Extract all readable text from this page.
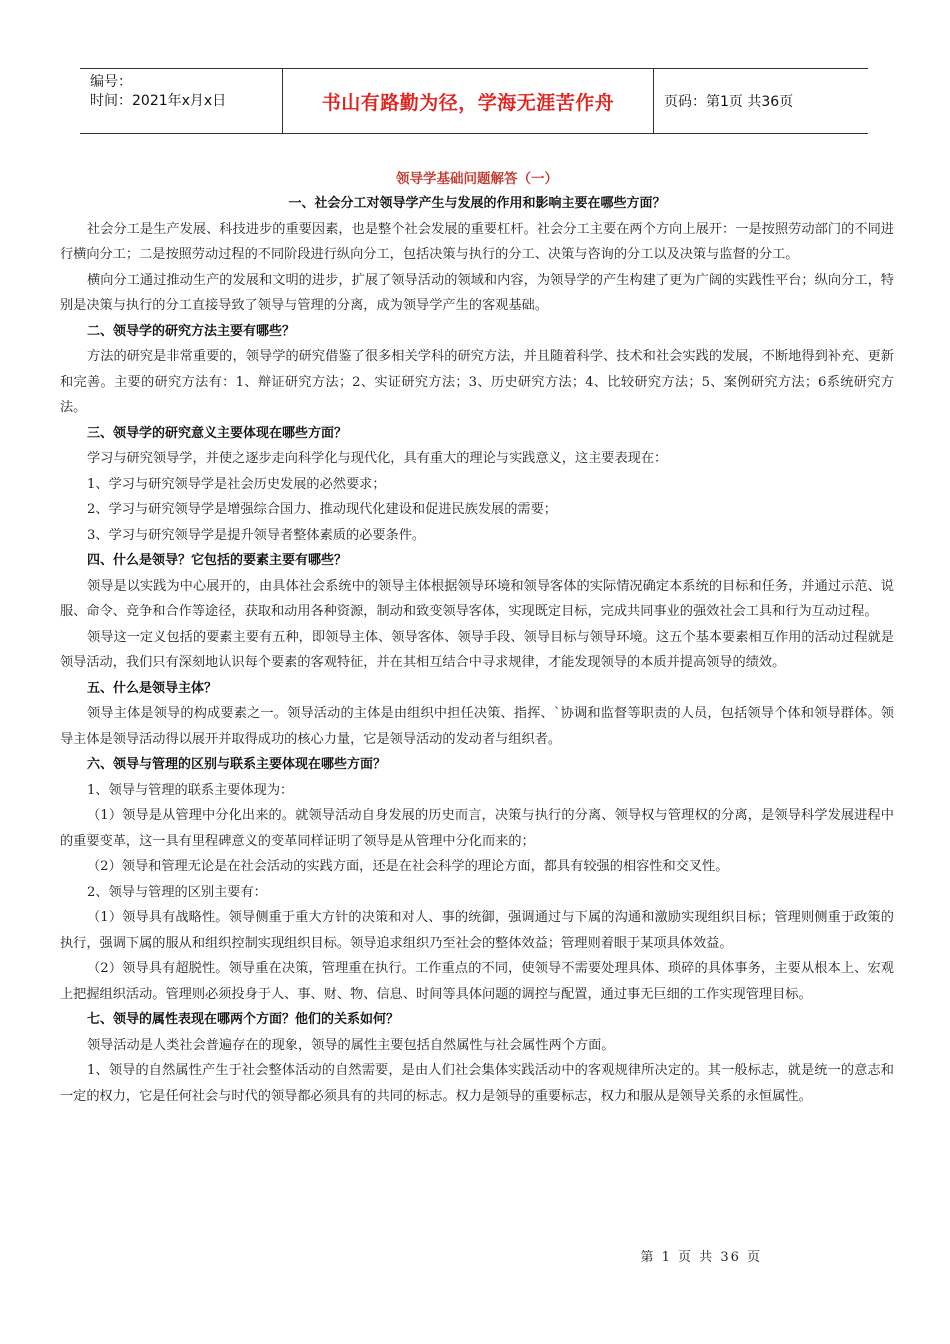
编号：
时间：2021年x月x日	书山有路勤为径，学海无涯苦作舟	页码：第1页 共36页
领导学基础问题解答（一）
一、社会分工对领导学产生与发展的作用和影响主要在哪些方面？

社会分工是生产发展、科技进步的重要因素，也是整个社会发展的重要杠杆。社会分工主要在两个方向上展开：一是按照劳动部门的不同进行横向分工；二是按照劳动过程的不同阶段进行纵向分工，包括决策与执行的分工、决策与咨询的分工以及决策与监督的分工。

横向分工通过推动生产的发展和文明的进步，扩展了领导活动的领域和内容，为领导学的产生构建了更为广阔的实践性平台；纵向分工，特别是决策与执行的分工直接导致了领导与管理的分离，成为领导学产生的客观基础。

二、领导学的研究方法主要有哪些？

方法的研究是非常重要的，领导学的研究借鉴了很多相关学科的研究方法，并且随着科学、技术和社会实践的发展，不断地得到补充、更新和完善。主要的研究方法有：1、辩证研究方法；2、实证研究方法；3、历史研究方法；4、比较研究方法；5、案例研究方法；6系统研究方法。

三、领导学的研究意义主要体现在哪些方面？

学习与研究领导学，并使之逐步走向科学化与现代化，具有重大的理论与实践意义，这主要表现在：

1、学习与研究领导学是社会历史发展的必然要求；

2、学习与研究领导学是增强综合国力、推动现代化建设和促进民族发展的需要；

3、学习与研究领导学是提升领导者整体素质的必要条件。

四、什么是领导？它包括的要素主要有哪些？

领导是以实践为中心展开的，由具体社会系统中的领导主体根据领导环境和领导客体的实际情况确定本系统的目标和任务，并通过示范、说服、命令、竞争和合作等途径，获取和动用各种资源，制动和致变领导客体，实现既定目标，完成共同事业的强效社会工具和行为互动过程。

领导这一定义包括的要素主要有五种，即领导主体、领导客体、领导手段、领导目标与领导环境。这五个基本要素相互作用的活动过程就是领导活动，我们只有深刻地认识每个要素的客观特征，并在其相互结合中寻求规律，才能发现领导的本质并提高领导的绩效。

五、什么是领导主体？

领导主体是领导的构成要素之一。领导活动的主体是由组织中担任决策、指挥、`协调和监督等职责的人员，包括领导个体和领导群体。领导主体是领导活动得以展开并取得成功的核心力量，它是领导活动的发动者与组织者。

六、领导与管理的区别与联系主要体现在哪些方面？

1、领导与管理的联系主要体现为：

（1）领导是从管理中分化出来的。就领导活动自身发展的历史而言，决策与执行的分离、领导权与管理权的分离，是领导科学发展进程中的重要变革，这一具有里程碑意义的变革同样证明了领导是从管理中分化而来的；

（2）领导和管理无论是在社会活动的实践方面，还是在社会科学的理论方面，都具有较强的相容性和交叉性。

2、领导与管理的区别主要有：

（1）领导具有战略性。领导侧重于重大方针的决策和对人、事的统御，强调通过与下属的沟通和激励实现组织目标；管理则侧重于政策的执行，强调下属的服从和组织控制实现组织目标。领导追求组织乃至社会的整体效益；管理则着眼于某项具体效益。

（2）领导具有超脱性。领导重在决策，管理重在执行。工作重点的不同，使领导不需要处理具体、琐碎的具体事务，主要从根本上、宏观上把握组织活动。管理则必须投身于人、事、财、物、信息、时间等具体问题的调控与配置，通过事无巨细的工作实现管理目标。

七、领导的属性表现在哪两个方面？他们的关系如何？

领导活动是人类社会普遍存在的现象，领导的属性主要包括自然属性与社会属性两个方面。

1、领导的自然属性产生于社会整体活动的自然需要，是由人们社会集体实践活动中的客观规律所决定的。其一般标志，就是统一的意志和一定的权力，它是任何社会与时代的领导都必须具有的共同的标志。权力是领导的重要标志，权力和服从是领导关系的永恒属性。

第 1 页 共 36 页
